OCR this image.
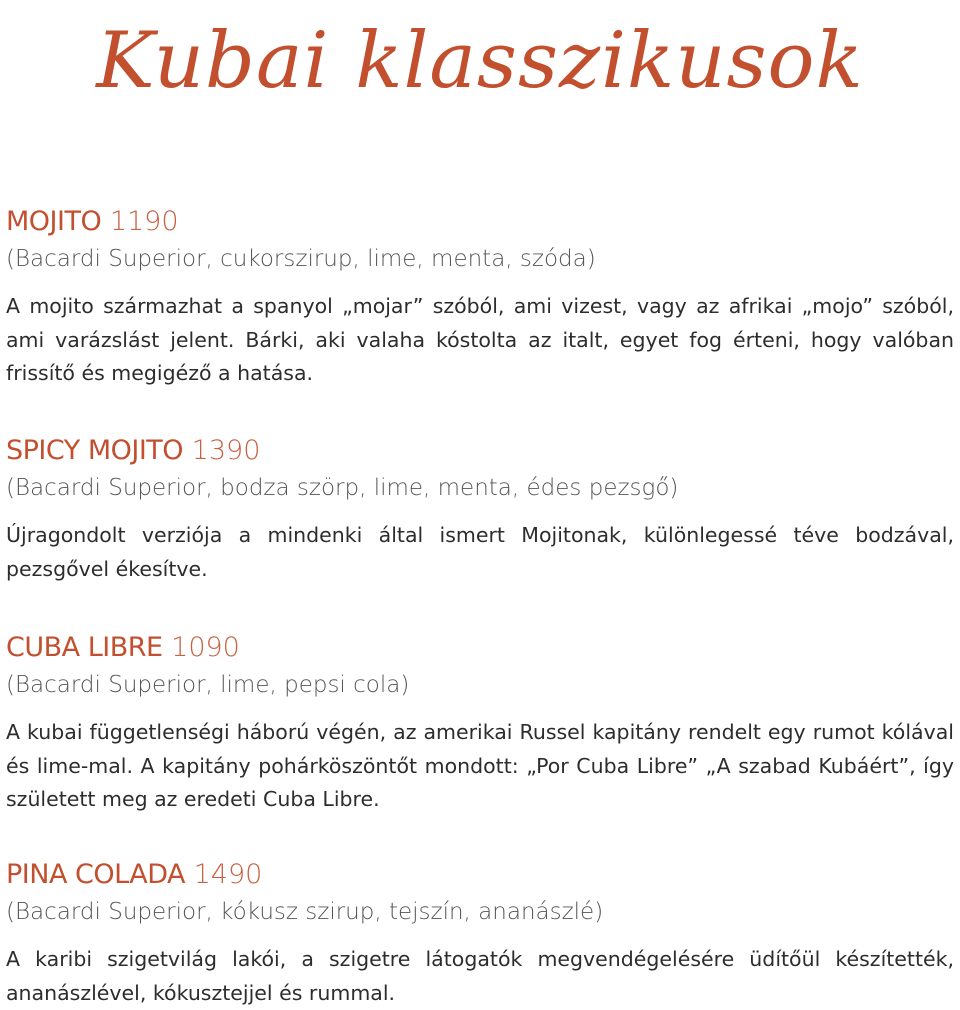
Kubai klasszikusok
MOJITO 1190
(Bacardi Superior, cukorszirup, lime, menta, szóda)
A mojito származhat a spanyol „mojar” szóból, ami vizest, vagy az afrikai „mojo” szóból, ami varázslást jelent. Bárki, aki valaha kóstolta az italt, egyet fog érteni, hogy valóban frissítő és megigéző a hatása.
SPICY MOJITO 1390
(Bacardi Superior, bodza szörp, lime, menta, édes pezsgő)
Újragondolt verziója a mindenki által ismert Mojitonak, különlegessé téve bodzával, pezsgővel ékesítve.
CUBA LIBRE 1090
(Bacardi Superior, lime, pepsi cola)
A kubai függetlenségi háború végén, az amerikai Russel kapitány rendelt egy rumot kólával és lime-mal. A kapitány pohárköszöntőt mondott: „Por Cuba Libre” „A szabad Kubáért”, így született meg az eredeti Cuba Libre.
PINA COLADA 1490
(Bacardi Superior, kókusz szirup, tejszín, ananászlé)
A karibi szigetvilág lakói, a szigetre látogatók megvendégelésére üdítőül készítették, ananászlével, kókusztejjel és rummal.
